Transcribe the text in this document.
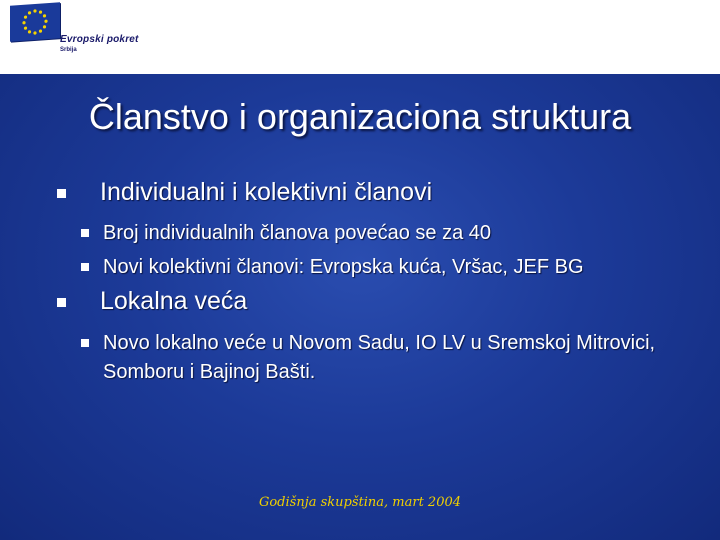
Evropski pokret
Srbija
Članstvo i organizaciona struktura
Individualni i kolektivni članovi
Broj individualnih članova povećao se za 40
Novi kolektivni članovi: Evropska kuća, Vršac, JEF BG
Lokalna veća
Novo lokalno veće u Novom Sadu, IO LV u Sremskoj Mitrovici, Somboru i Bajinoj Bašti.
Godišnja skupština, mart 2004
